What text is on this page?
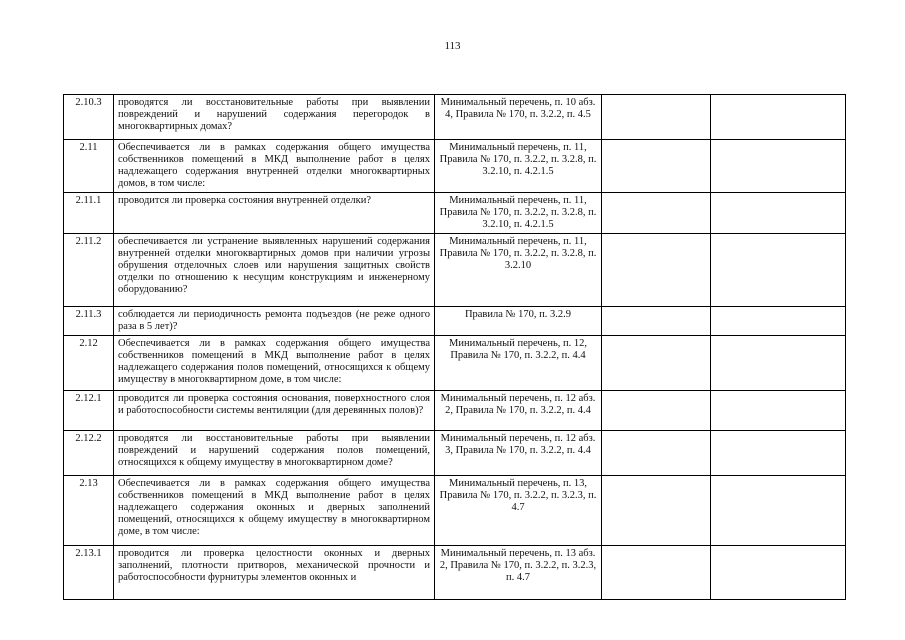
113
2.10.3	проводятся ли восстановительные работы при выявлении повреждений и нарушений содержания перегородок в многоквартирных домах?	Минимальный перечень, п. 10 абз. 4, Правила № 170, п. 3.2.2, п. 4.5		
2.11	Обеспечивается ли в рамках содержания общего имущества собственников помещений в МКД выполнение работ в целях надлежащего содержания внутренней отделки многоквартирных домов, в том числе:	Минимальный перечень, п. 11, Правила № 170, п. 3.2.2, п. 3.2.8, п. 3.2.10, п. 4.2.1.5		
2.11.1	проводится ли проверка состояния внутренней отделки?	Минимальный перечень, п. 11, Правила № 170, п. 3.2.2, п. 3.2.8, п. 3.2.10, п. 4.2.1.5		
2.11.2	обеспечивается ли устранение выявленных нарушений содержания внутренней отделки многоквартирных домов при наличии угрозы обрушения отделочных слоев или нарушения защитных свойств отделки по отношению к несущим конструкциям и инженерному оборудованию?	Минимальный перечень, п. 11, Правила № 170, п. 3.2.2, п. 3.2.8, п. 3.2.10		
2.11.3	соблюдается ли периодичность ремонта подъездов (не реже одного раза в 5 лет)?	Правила № 170, п. 3.2.9		
2.12	Обеспечивается ли в рамках содержания общего имущества собственников помещений в МКД выполнение работ в целях надлежащего содержания полов помещений, относящихся к общему имуществу в многоквартирном доме, в том числе:	Минимальный перечень, п. 12, Правила № 170, п. 3.2.2, п. 4.4		
2.12.1	проводится ли проверка состояния основания, поверхностного слоя и работоспособности системы вентиляции (для деревянных полов)?	Минимальный перечень, п. 12 абз. 2, Правила № 170, п. 3.2.2, п. 4.4		
2.12.2	проводятся ли восстановительные работы при выявлении повреждений и нарушений содержания полов помещений, относящихся к общему имуществу в многоквартирном доме?	Минимальный перечень, п. 12 абз. 3, Правила № 170, п. 3.2.2, п. 4.4		
2.13	Обеспечивается ли в рамках содержания общего имущества собственников помещений в МКД выполнение работ в целях надлежащего содержания оконных и дверных заполнений помещений, относящихся к общему имуществу в многоквартирном доме, в том числе:	Минимальный перечень, п. 13, Правила № 170, п. 3.2.2, п. 3.2.3, п. 4.7		
2.13.1	проводится ли проверка целостности оконных и дверных заполнений, плотности притворов, механической прочности и работоспособности фурнитуры элементов оконных и	Минимальный перечень, п. 13 абз. 2, Правила № 170, п. 3.2.2, п. 3.2.3, п. 4.7		
